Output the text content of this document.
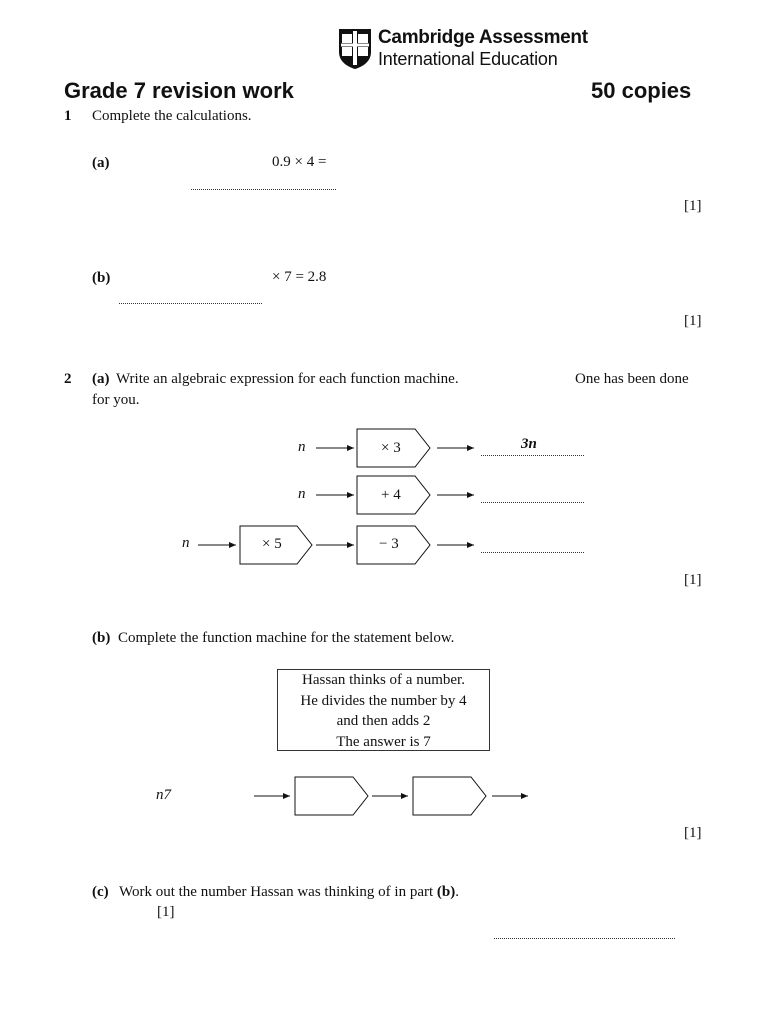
Cambridge Assessment
International Education
Grade 7 revision work	50 copies
1 Complete the calculations.
(a)	0.9 × 4 =
[1]
(b)	× 7 = 2.8
[1]
2 (a) Write an algebraic expression for each function machine.	One has been done
for you.
n	× 3	3n
n	+ 4
n	× 5	− 3
[1]
(b) Complete the function machine for the statement below.
Hassan thinks of a number.
He divides the number by 4
and then adds 2
The answer is 7
n7
[1]
(c) Work out the number Hassan was thinking of in part (b).
[1]
